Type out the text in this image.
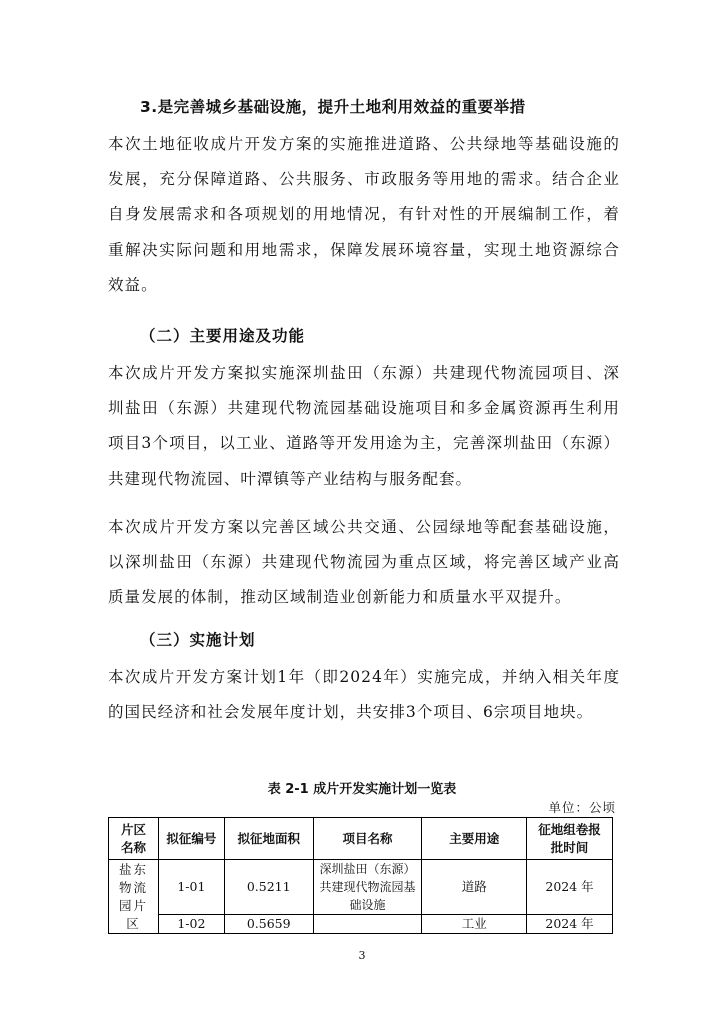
3.是完善城乡基础设施，提升土地利用效益的重要举措

本次土地征收成片开发方案的实施推进道路、公共绿地等基础设施的发展，充分保障道路、公共服务、市政服务等用地的需求。结合企业自身发展需求和各项规划的用地情况，有针对性的开展编制工作，着重解决实际问题和用地需求，保障发展环境容量，实现土地资源综合效益。

（二）主要用途及功能

本次成片开发方案拟实施深圳盐田（东源）共建现代物流园项目、深圳盐田（东源）共建现代物流园基础设施项目和多金属资源再生利用项目3个项目，以工业、道路等开发用途为主，完善深圳盐田（东源）共建现代物流园、叶潭镇等产业结构与服务配套。

本次成片开发方案以完善区域公共交通、公园绿地等配套基础设施，以深圳盐田（东源）共建现代物流园为重点区域，将完善区域产业高质量发展的体制，推动区域制造业创新能力和质量水平双提升。

（三）实施计划

本次成片开发方案计划1年（即2024年）实施完成，并纳入相关年度的国民经济和社会发展年度计划，共安排3个项目、6宗项目地块。

表 2-1 成片开发实施计划一览表
单位：公顷
片区名称	拟征编号	拟征地面积	项目名称	主要用途	征地组卷报批时间
盐东物流园片区	1-01	0.5211	深圳盐田（东源）共建现代物流园基础设施	道路	2024 年
	1-02	0.5659		工业	2024 年
3
